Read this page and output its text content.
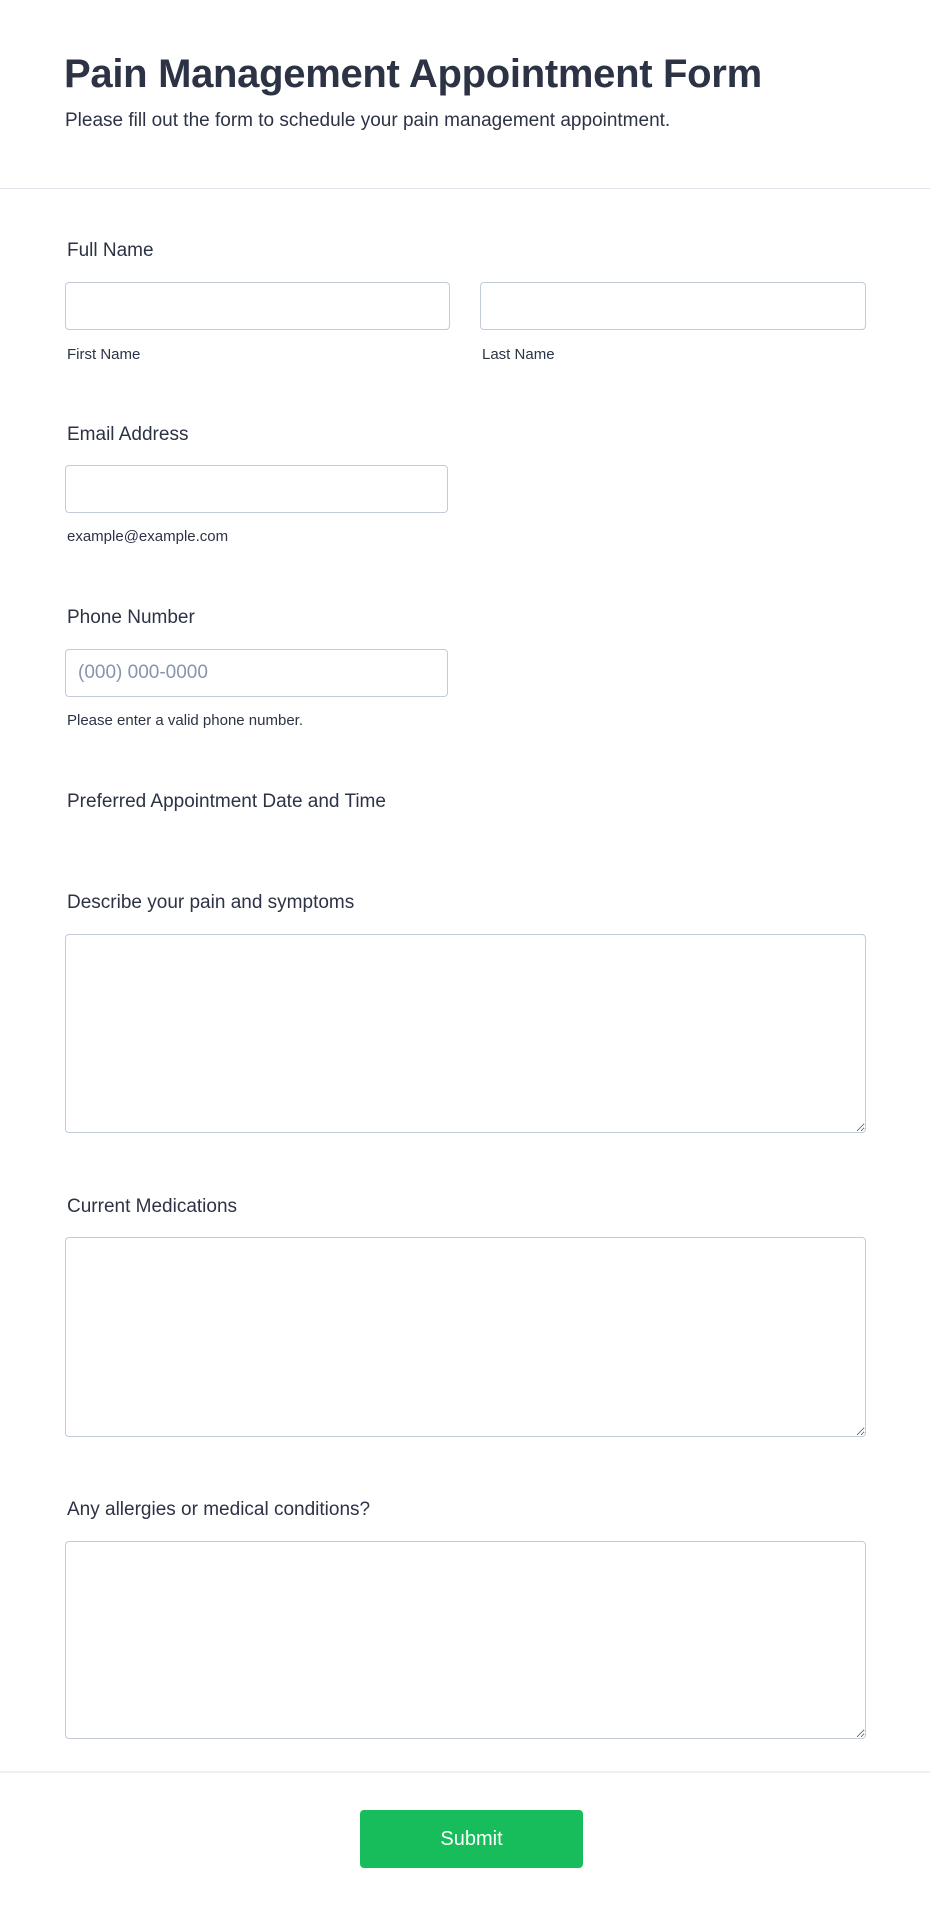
Pain Management Appointment Form
Please fill out the form to schedule your pain management appointment.
Full Name
First Name	Last Name
Email Address
example@example.com
Phone Number
(000) 000-0000
Please enter a valid phone number.
Preferred Appointment Date and Time
Describe your pain and symptoms
Current Medications
Any allergies or medical conditions?
Submit
